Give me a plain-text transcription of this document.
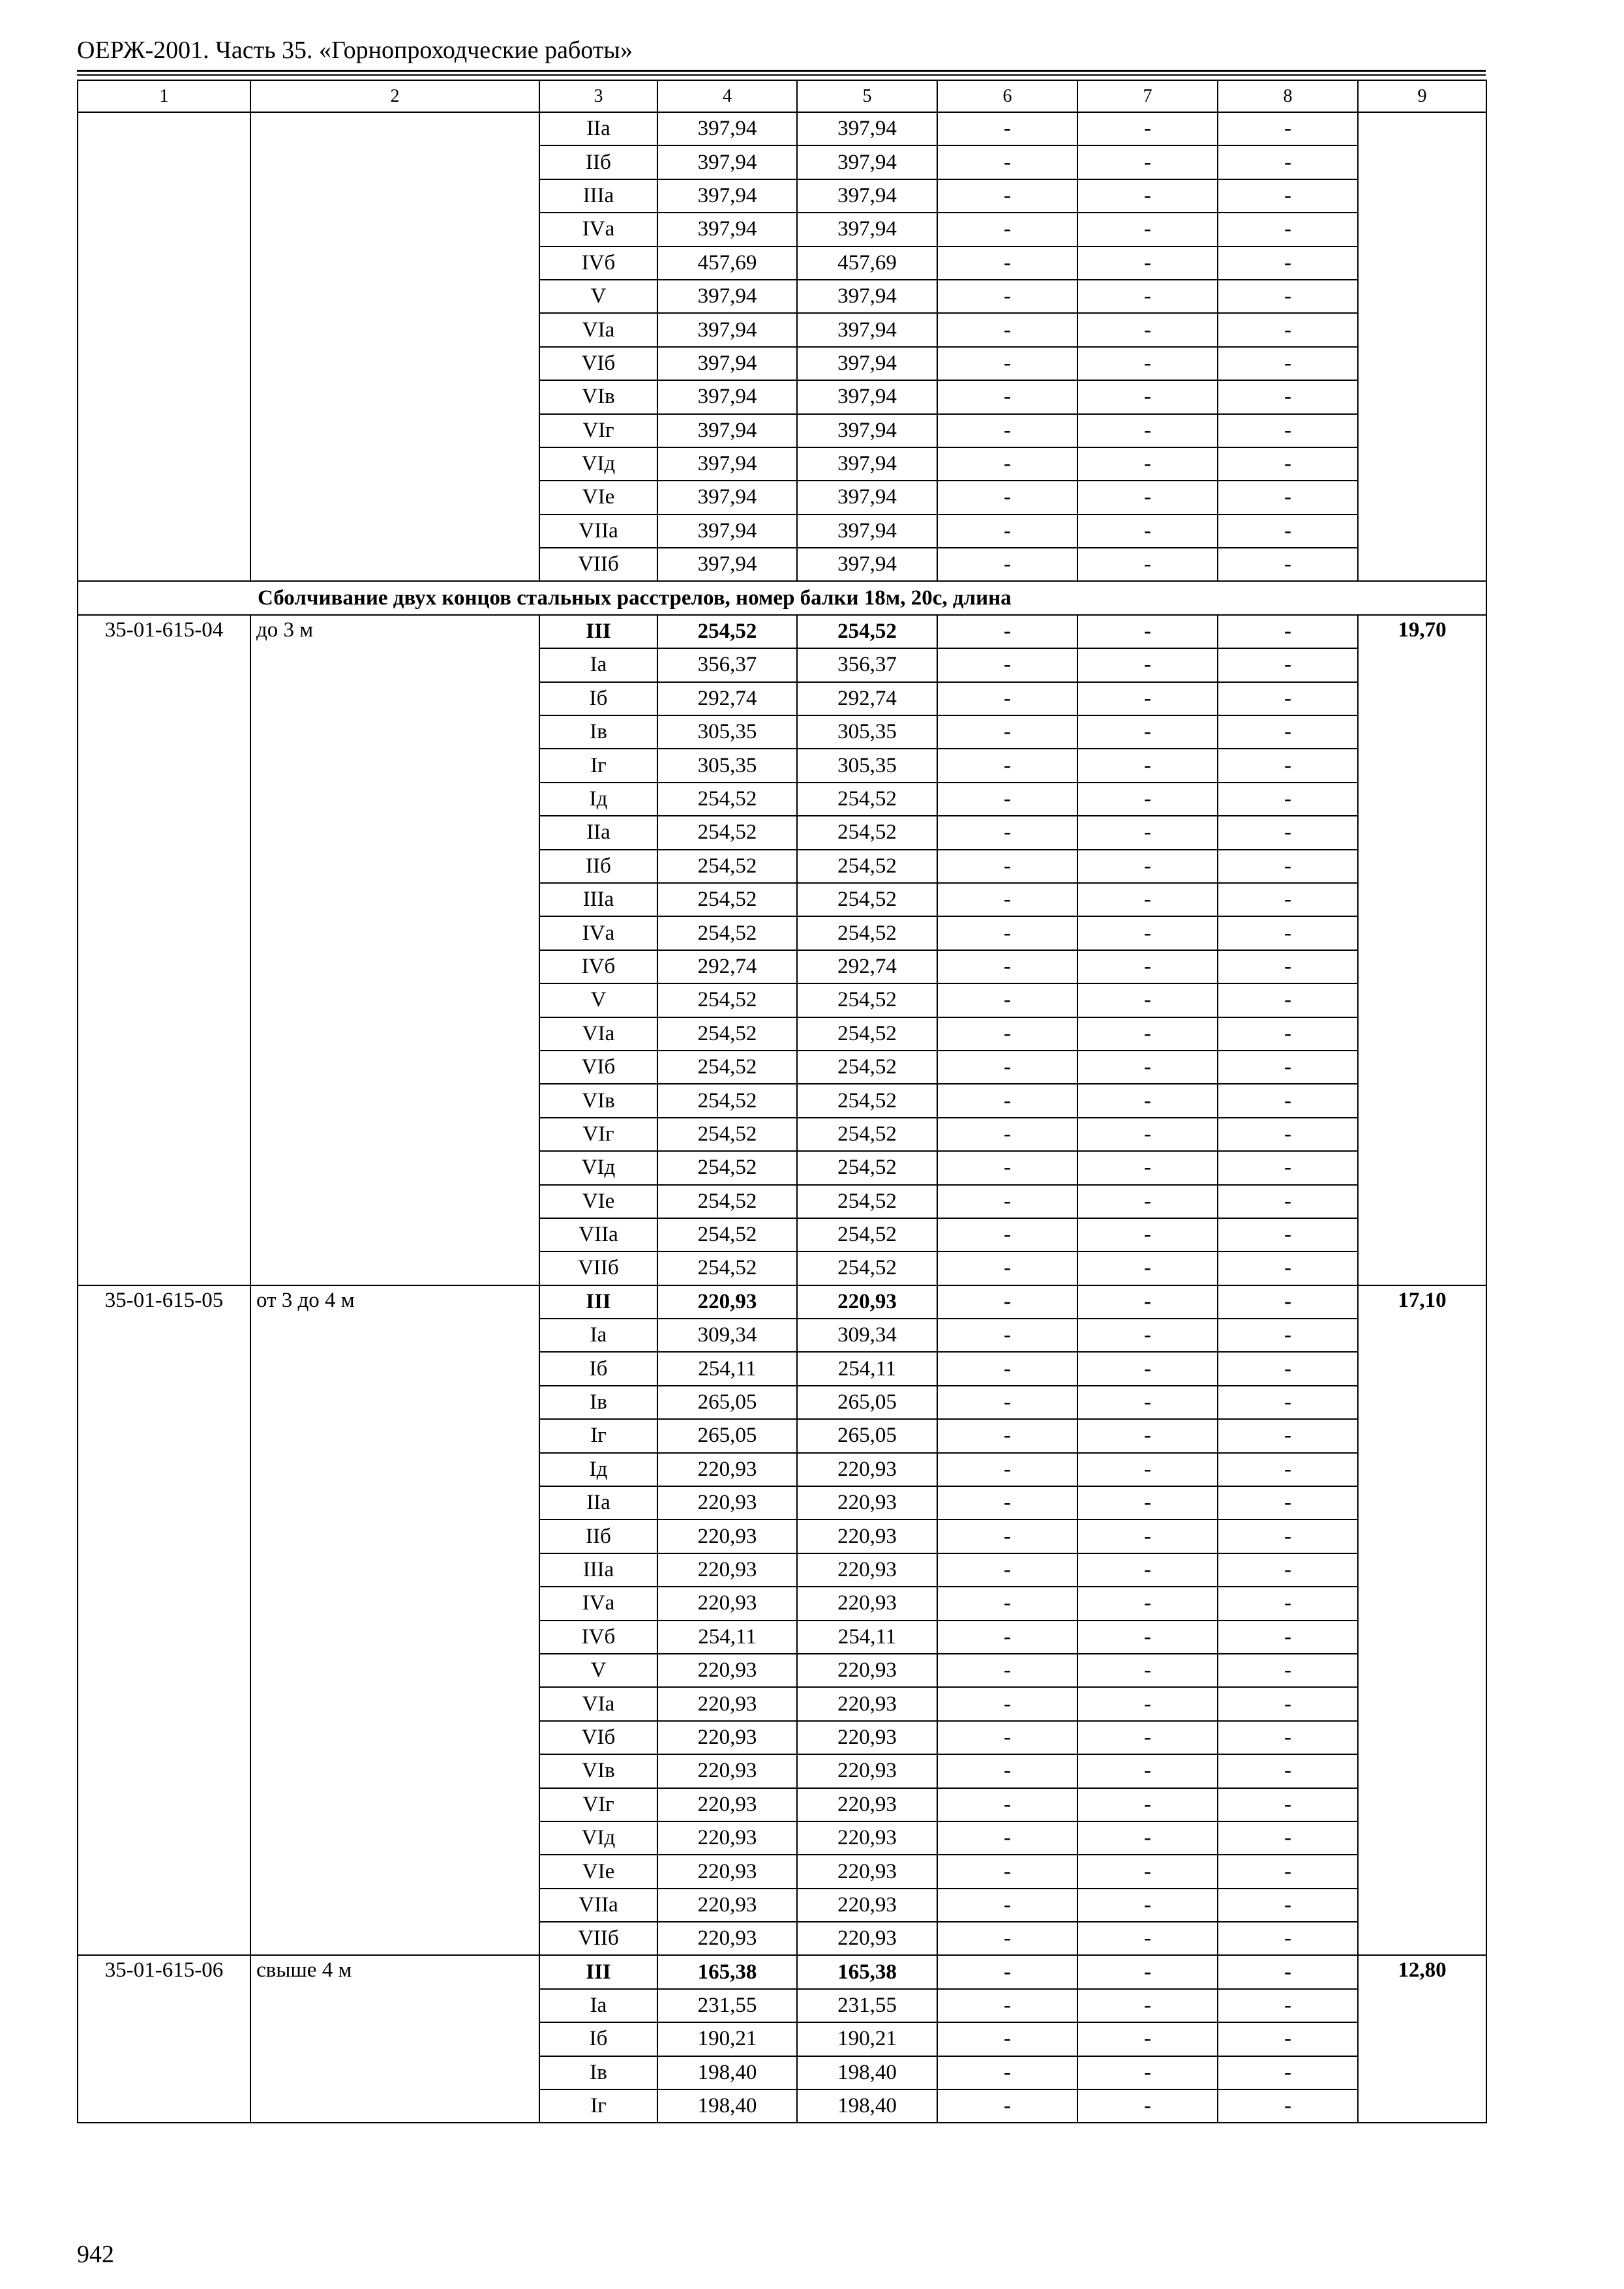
ОЕРЖ-2001. Часть 35. «Горнопроходческие работы»
1	2	3	4	5	6	7	8	9
		IIа	397,94	397,94	-	-	-	
		IIб	397,94	397,94	-	-	-	
		IIIа	397,94	397,94	-	-	-	
		IVа	397,94	397,94	-	-	-	
		IVб	457,69	457,69	-	-	-	
		V	397,94	397,94	-	-	-	
		VIа	397,94	397,94	-	-	-	
		VIб	397,94	397,94	-	-	-	
		VIв	397,94	397,94	-	-	-	
		VIг	397,94	397,94	-	-	-	
		VIд	397,94	397,94	-	-	-	
		VIе	397,94	397,94	-	-	-	
		VIIа	397,94	397,94	-	-	-	
		VIIб	397,94	397,94	-	-	-	
Сболчивание двух концов стальных расстрелов, номер балки 18м, 20с, длина								
35-01-615-04	до 3 м	III	254,52	254,52	-	-	-	19,70
		Iа	356,37	356,37	-	-	-	
		Iб	292,74	292,74	-	-	-	
		Iв	305,35	305,35	-	-	-	
		Iг	305,35	305,35	-	-	-	
		Iд	254,52	254,52	-	-	-	
		IIа	254,52	254,52	-	-	-	
		IIб	254,52	254,52	-	-	-	
		IIIа	254,52	254,52	-	-	-	
		IVа	254,52	254,52	-	-	-	
		IVб	292,74	292,74	-	-	-	
		V	254,52	254,52	-	-	-	
		VIа	254,52	254,52	-	-	-	
		VIб	254,52	254,52	-	-	-	
		VIв	254,52	254,52	-	-	-	
		VIг	254,52	254,52	-	-	-	
		VIд	254,52	254,52	-	-	-	
		VIе	254,52	254,52	-	-	-	
		VIIа	254,52	254,52	-	-	-	
		VIIб	254,52	254,52	-	-	-	
35-01-615-05	от 3 до 4 м	III	220,93	220,93	-	-	-	17,10
		Iа	309,34	309,34	-	-	-	
		Iб	254,11	254,11	-	-	-	
		Iв	265,05	265,05	-	-	-	
		Iг	265,05	265,05	-	-	-	
		Iд	220,93	220,93	-	-	-	
		IIа	220,93	220,93	-	-	-	
		IIб	220,93	220,93	-	-	-	
		IIIа	220,93	220,93	-	-	-	
		IVа	220,93	220,93	-	-	-	
		IVб	254,11	254,11	-	-	-	
		V	220,93	220,93	-	-	-	
		VIа	220,93	220,93	-	-	-	
		VIб	220,93	220,93	-	-	-	
		VIв	220,93	220,93	-	-	-	
		VIг	220,93	220,93	-	-	-	
		VIд	220,93	220,93	-	-	-	
		VIе	220,93	220,93	-	-	-	
		VIIа	220,93	220,93	-	-	-	
		VIIб	220,93	220,93	-	-	-	
35-01-615-06	свыше 4 м	III	165,38	165,38	-	-	-	12,80
		Iа	231,55	231,55	-	-	-	
		Iб	190,21	190,21	-	-	-	
		Iв	198,40	198,40	-	-	-	
		Iг	198,40	198,40	-	-	-	
942
